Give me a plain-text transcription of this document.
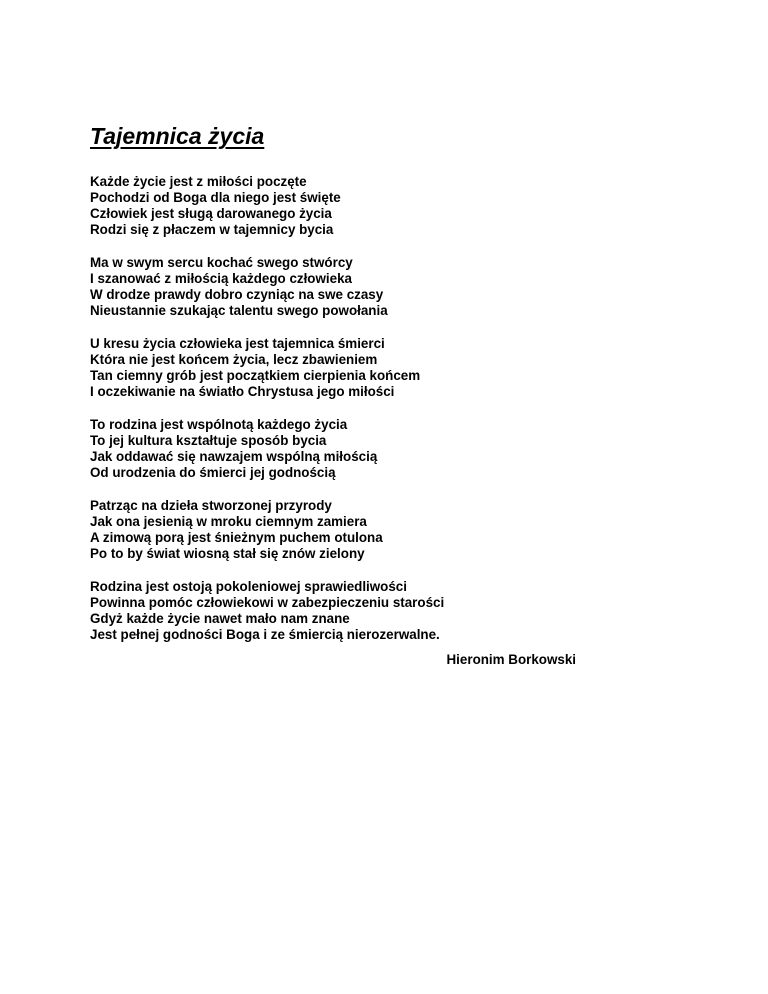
Tajemnica życia
Każde życie jest z miłości poczęte
Pochodzi od Boga dla niego jest święte
Człowiek jest sługą darowanego życia
Rodzi się z płaczem w tajemnicy bycia
Ma w swym sercu kochać swego stwórcy
I szanować z miłością każdego człowieka
W drodze prawdy dobro czyniąc na swe czasy
Nieustannie szukając talentu swego powołania
U kresu życia człowieka jest tajemnica śmierci
Która nie jest końcem życia, lecz zbawieniem
Tan ciemny grób jest początkiem cierpienia końcem
I oczekiwanie na światło Chrystusa jego miłości
To rodzina jest wspólnotą każdego życia
To jej kultura kształtuje sposób bycia
Jak oddawać się nawzajem wspólną miłością
Od urodzenia do śmierci jej godnością
Patrząc na dzieła stworzonej przyrody
Jak ona jesienią w mroku ciemnym zamiera
A zimową porą jest śnieżnym puchem otulona
Po to by świat wiosną stał się znów zielony
Rodzina jest ostoją pokoleniowej sprawiedliwości
Powinna pomóc człowiekowi w zabezpieczeniu starości
Gdyż każde życie nawet mało nam znane
Jest pełnej godności Boga i ze śmiercią nierozerwalne.
Hieronim Borkowski
